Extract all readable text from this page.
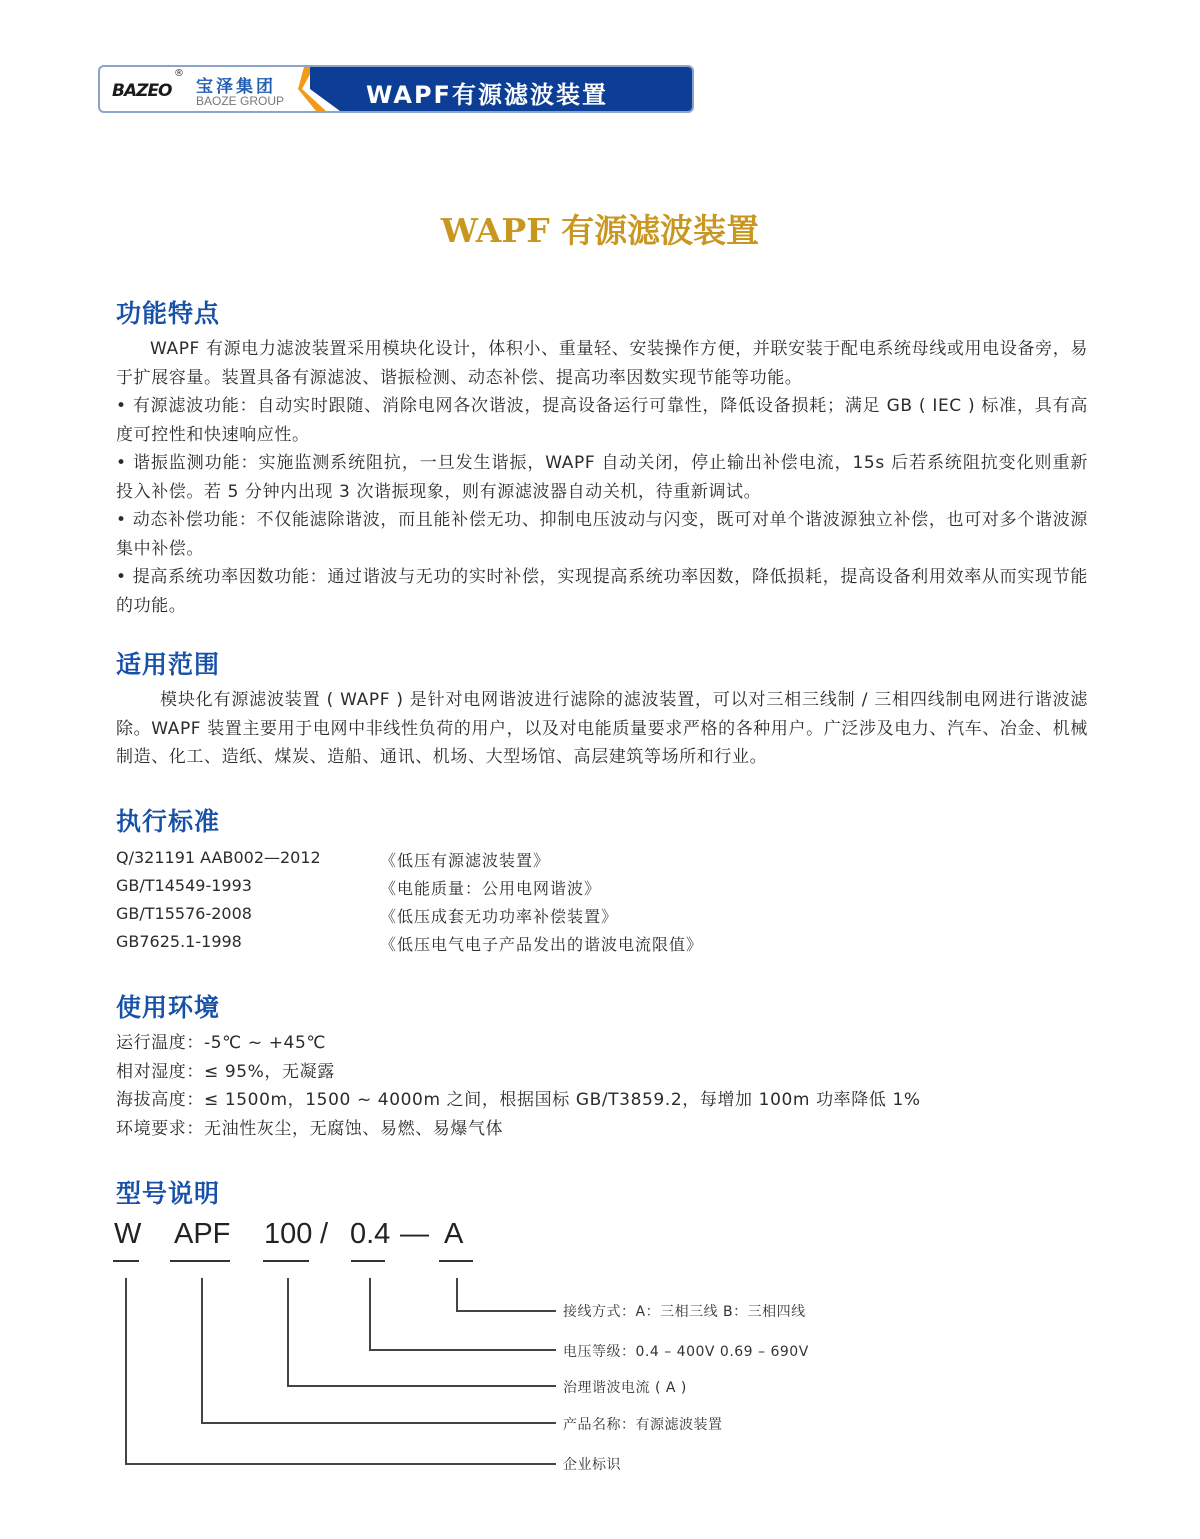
BAZEO
®
宝泽集团
BAOZE GROUP	WAPF有源滤波装置
WAPF 有源滤波装置
功能特点

WAPF 有源电力滤波装置采用模块化设计，体积小、重量轻、安装操作方便，并联安装于配电系统母线或用电设备旁，易于扩展容量。装置具备有源滤波、谐振检测、动态补偿、提高功率因数实现节能等功能。

• 有源滤波功能：自动实时跟随、消除电网各次谐波，提高设备运行可靠性，降低设备损耗；满足 GB ( IEC ) 标准，具有高度可控性和快速响应性。

• 谐振监测功能：实施监测系统阻抗，一旦发生谐振，WAPF 自动关闭，停止输出补偿电流，15s 后若系统阻抗变化则重新投入补偿。若 5 分钟内出现 3 次谐振现象，则有源滤波器自动关机，待重新调试。

• 动态补偿功能：不仅能滤除谐波，而且能补偿无功、抑制电压波动与闪变，既可对单个谐波源独立补偿，也可对多个谐波源集中补偿。

• 提高系统功率因数功能：通过谐波与无功的实时补偿，实现提高系统功率因数，降低损耗，提高设备利用效率从而实现节能的功能。

适用范围

模块化有源滤波装置 ( WAPF ) 是针对电网谐波进行滤除的滤波装置，可以对三相三线制 / 三相四线制电网进行谐波滤除。WAPF 装置主要用于电网中非线性负荷的用户，以及对电能质量要求严格的各种用户。广泛涉及电力、汽车、冶金、机械制造、化工、造纸、煤炭、造船、通讯、机场、大型场馆、高层建筑等场所和行业。

执行标准
Q/321191 AAB002—2012	《低压有源滤波装置》
GB/T14549-1993	《电能质量：公用电网谐波》
GB/T15576-2008	《低压成套无功功率补偿装置》
GB7625.1-1998	《低压电气电子产品发出的谐波电流限值》
使用环境

运行温度：-5℃ ~ +45℃

相对湿度：≤ 95%，无凝露

海拔高度：≤ 1500m，1500 ~ 4000m 之间，根据国标 GB/T3859.2，每增加 100m 功率降低 1%

环境要求：无油性灰尘，无腐蚀、易燃、易爆气体

型号说明
W APF 100 / 0.4 — A
接线方式：A：三相三线 B：三相四线
电压等级：0.4 – 400V 0.69 – 690V
治理谐波电流 ( A )
产品名称：有源滤波装置
企业标识
